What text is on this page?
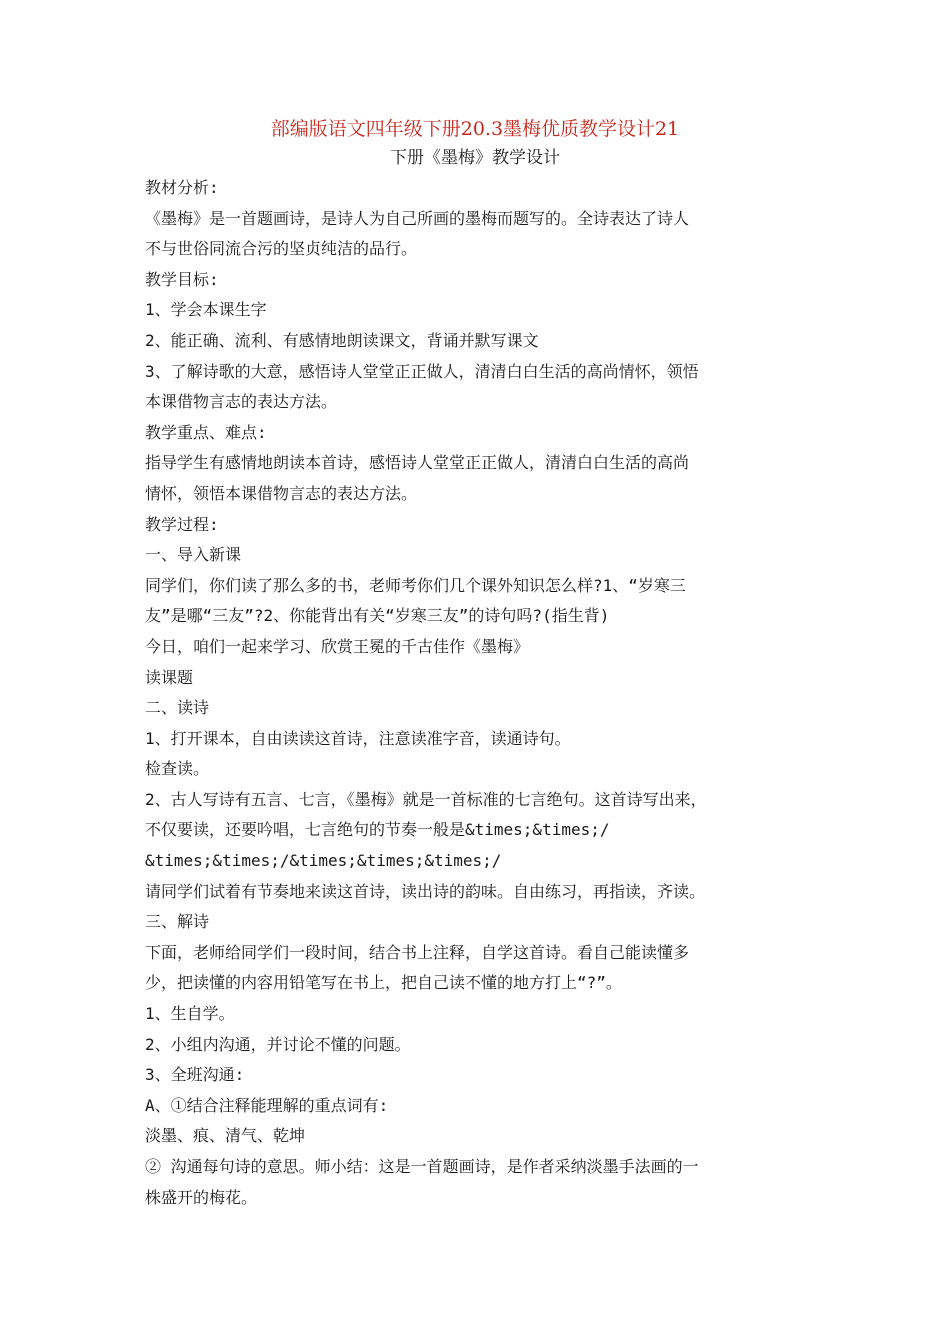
部编版语文四年级下册20.3墨梅优质教学设计21
下册《墨梅》教学设计
教材分析:
《墨梅》是一首题画诗，是诗人为自己所画的墨梅而题写的。全诗表达了诗人
不与世俗同流合污的坚贞纯洁的品行。
教学目标:
1、学会本课生字
2、能正确、流利、有感情地朗读课文，背诵并默写课文
3、了解诗歌的大意，感悟诗人堂堂正正做人，清清白白生活的高尚情怀，领悟
本课借物言志的表达方法。
教学重点、难点:
指导学生有感情地朗读本首诗，感悟诗人堂堂正正做人，清清白白生活的高尚
情怀，领悟本课借物言志的表达方法。
教学过程:
一、导入新课
同学们，你们读了那么多的书，老师考你们几个课外知识怎么样?1、“岁寒三
友”是哪“三友”?2、你能背出有关“岁寒三友”的诗句吗?(指生背)
今日，咱们一起来学习、欣赏王冕的千古佳作《墨梅》
读课题
二、读诗
1、打开课本，自由读读这首诗，注意读准字音，读通诗句。
检查读。
2、古人写诗有五言、七言，《墨梅》就是一首标准的七言绝句。这首诗写出来，
不仅要读，还要吟唱，七言绝句的节奏一般是&times;&times;/
&times;&times;/&times;&times;&times;/
请同学们试着有节奏地来读这首诗，读出诗的韵味。自由练习，再指读，齐读。
三、解诗
下面，老师给同学们一段时间，结合书上注释，自学这首诗。看自己能读懂多
少，把读懂的内容用铅笔写在书上，把自己读不懂的地方打上“?”。
1、生自学。
2、小组内沟通，并讨论不懂的问题。
3、全班沟通:
A、①结合注释能理解的重点词有:
淡墨、痕、清气、乾坤
② 沟通每句诗的意思。师小结：这是一首题画诗，是作者采纳淡墨手法画的一
株盛开的梅花。
